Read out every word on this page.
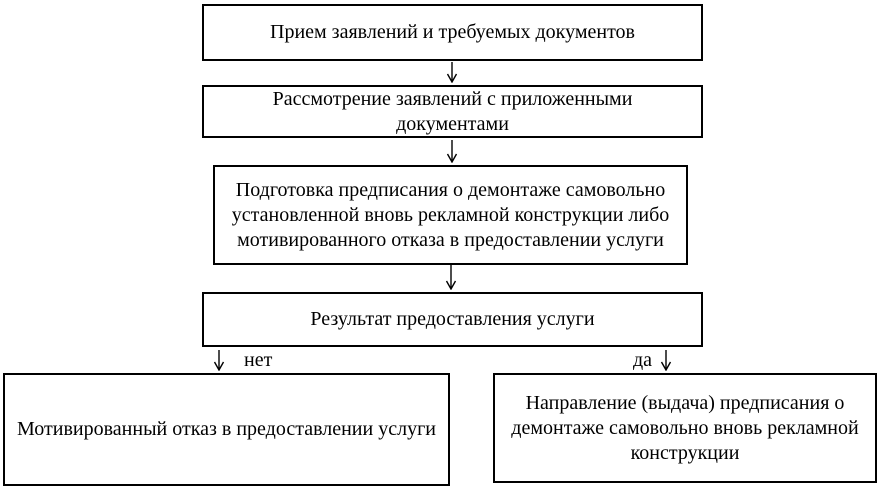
Прием заявлений и требуемых документов
Рассмотрение заявлений с приложенными документами
Подготовка предписания о демонтаже самовольно установленной вновь рекламной конструкции либо мотивированного отказа в предоставлении услуги
Результат предоставления услуги
нет	да
Мотивированный отказ в предоставлении услуги
Направление (выдача) предписания о демонтаже самовольно вновь рекламной конструкции
